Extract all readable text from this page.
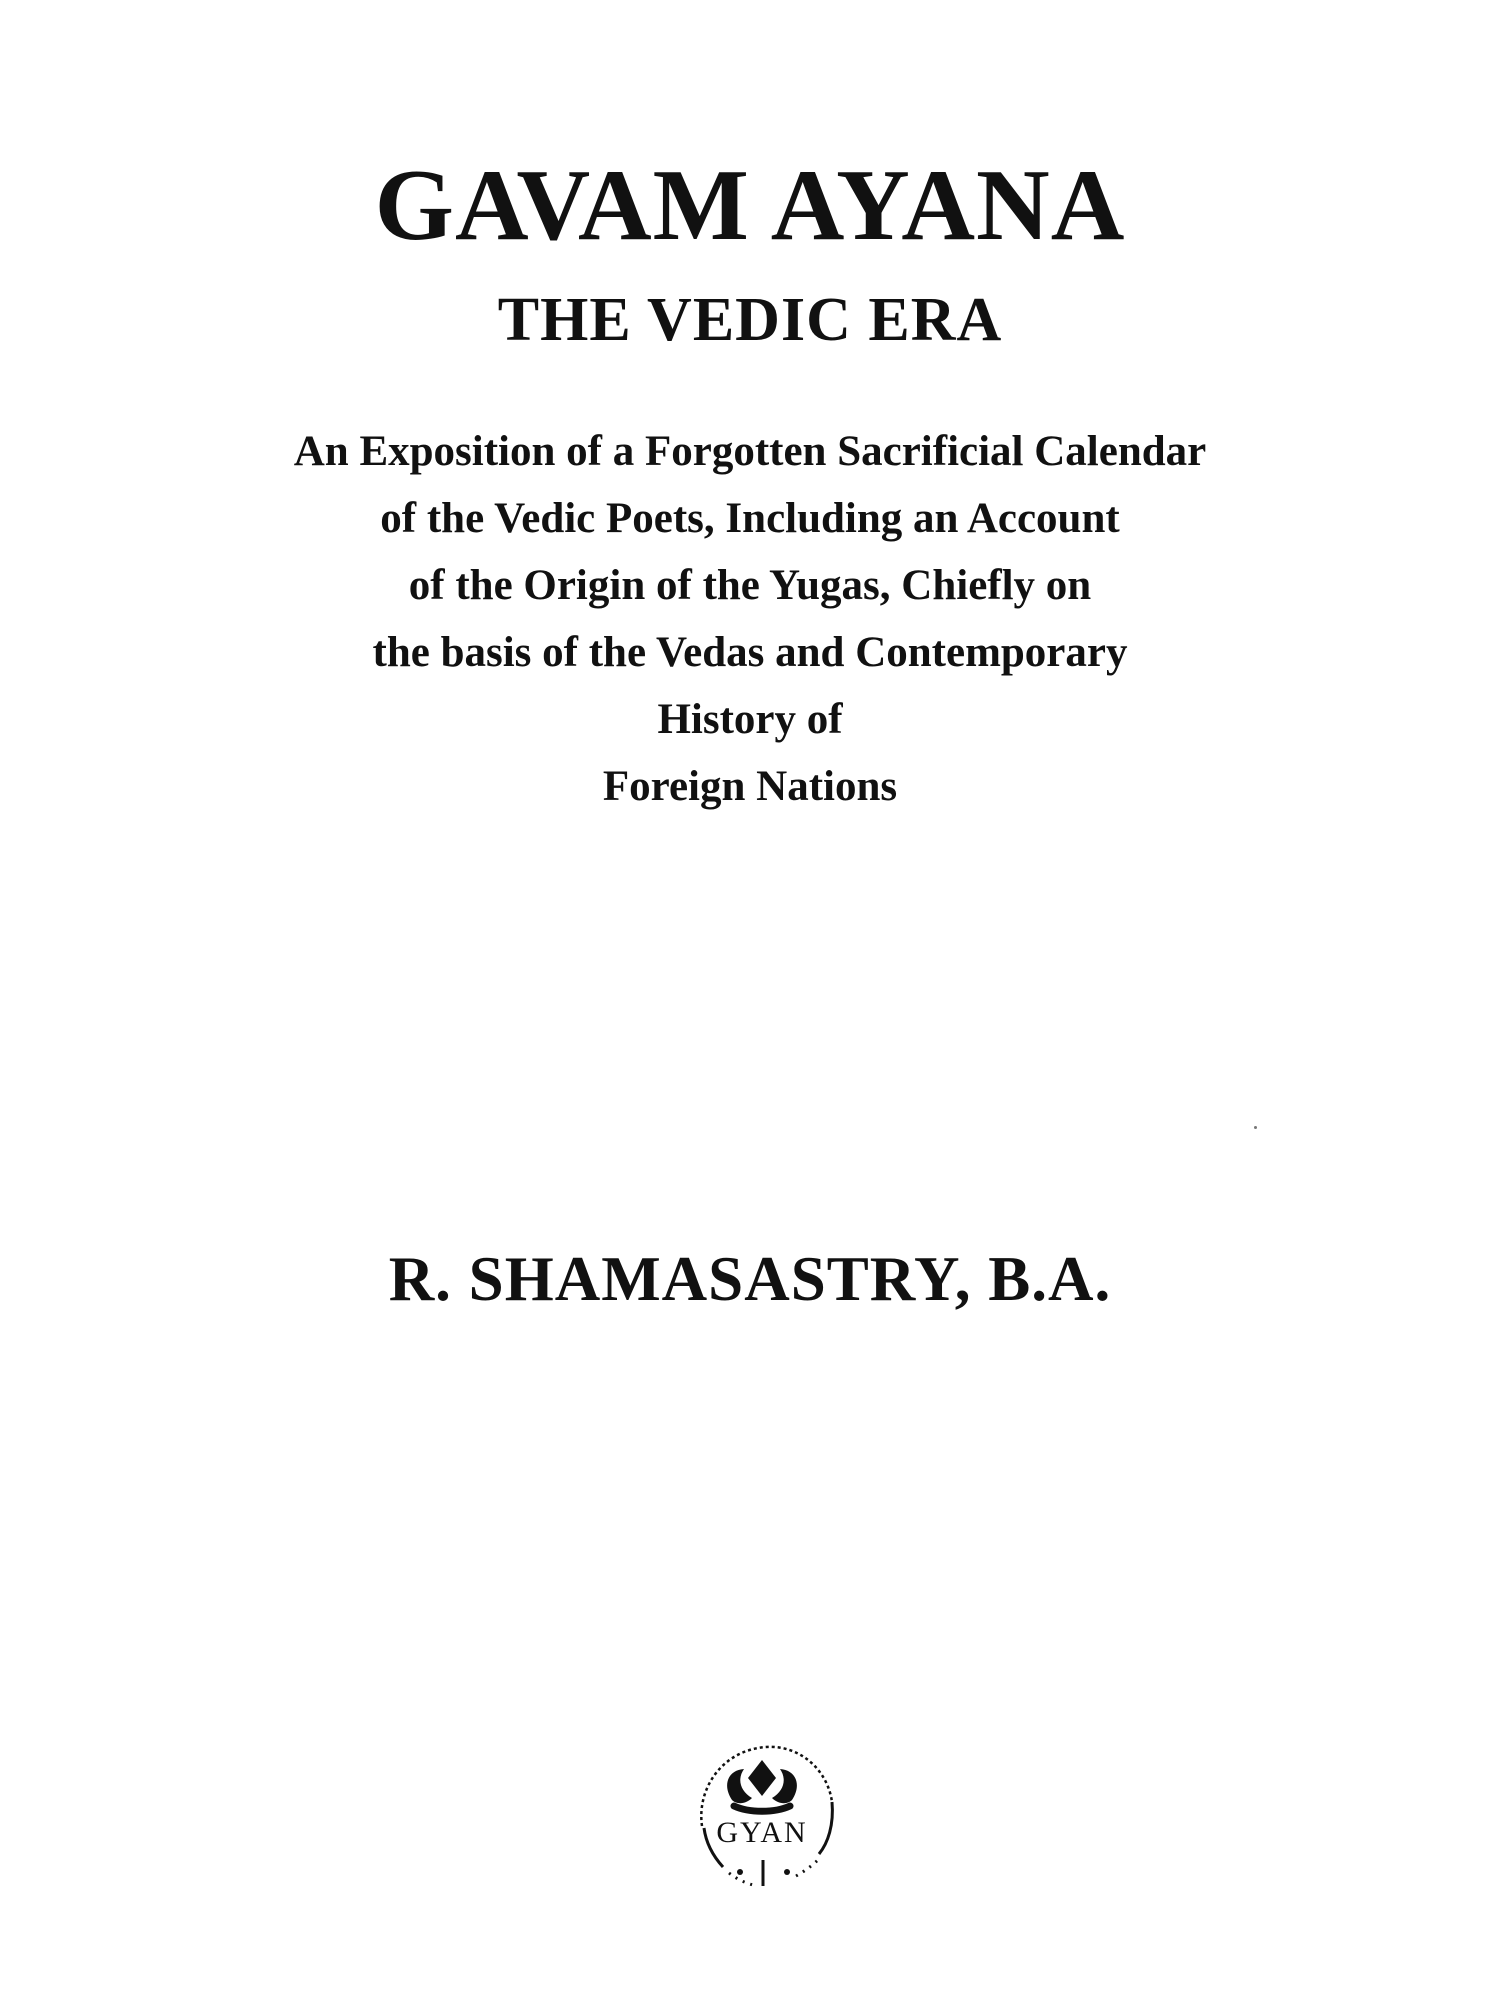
GAVAM AYANA
THE VEDIC ERA
An Exposition of a Forgotten Sacrificial Calendar
of the Vedic Poets, Including an Account
of the Origin of the Yugas, Chiefly on
the basis of the Vedas and Contemporary
History of
Foreign Nations
R. SHAMASASTRY, B.A.
GYAN
